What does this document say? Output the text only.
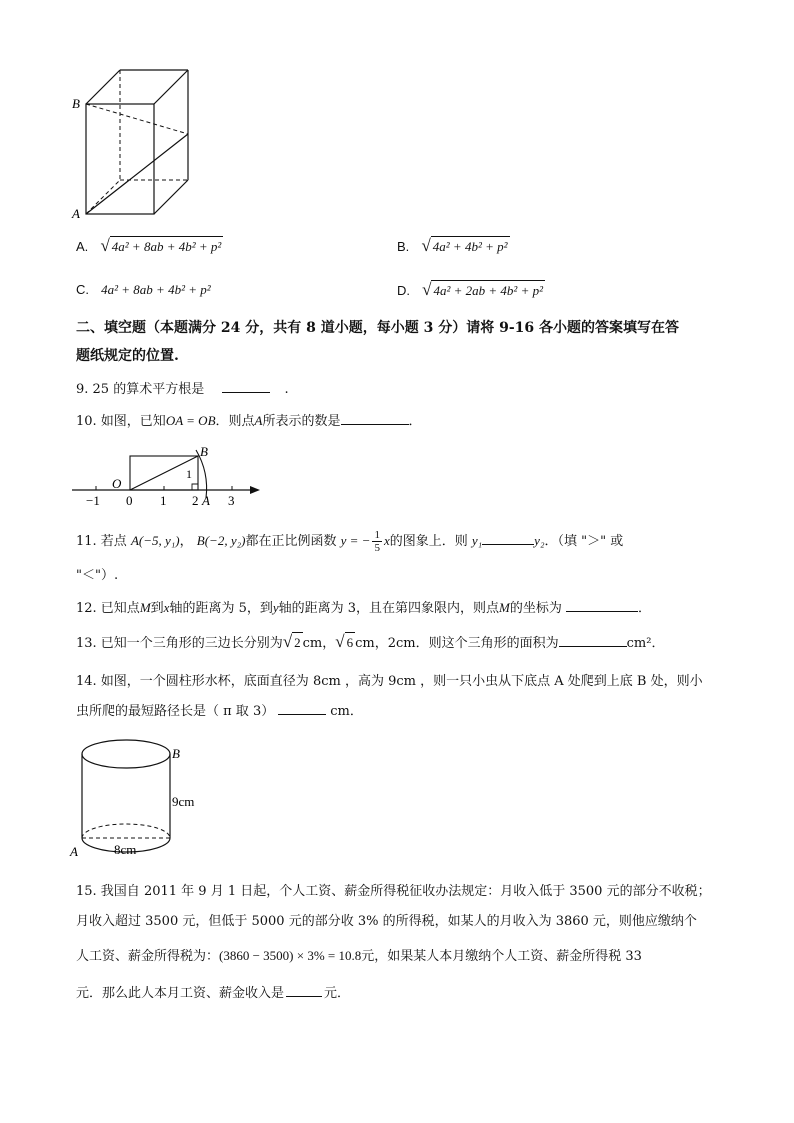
B
A
A. √ 4a² + 8ab + 4b² + p²	B. √ 4a² + 4b² + p²
C. 4a² + 8ab + 4b² + p²	D. √ 4a² + 2ab + 4b² + p²
二、填空题（本题满分 24 分，共有 8 道小题，每小题 3 分）请将 9-16 各小题的答案填写在答
题纸规定的位置.
9. 25 的算术平方根是	.
10. 如图，已知OA = OB．则点A所表示的数是	．
−1 0 1 2 3
O
B
A
1
11. 若点 A(−5, y₁)， B(−2, y₂)都在正比例函数 y = − $\frac{1}{5}$ x的图象上．则 y₁	y₂．（填 "＞" 或
"＜"）.
12. 已知点M到x轴的距离为 5，到y轴的距离为 3，且在第四象限内，则点M的坐标为	．
13. 已知一个三角形的三边长分别为 √ 2 cm， √ 6 cm，2cm．则这个三角形的面积为	cm²．
14. 如图，一个圆柱形水杯，底面直径为 8cm ，高为 9cm ，则一只小虫从下底点 A 处爬到上底 B 处，则小
虫所爬的最短路径长是（ π 取 3）	cm．
B
A
9cm
8cm
15. 我国自 2011 年 9 月 1 日起，个人工资、薪金所得税征收办法规定：月收入低于 3500 元的部分不收税；
月收入超过 3500 元，但低于 5000 元的部分收 3% 的所得税，如某人的月收入为 3860 元，则他应缴纳个
人工资、薪金所得税为：(3860 − 3500) × 3% = 10.8元，如果某人本月缴纳个人工资、薪金所得税 33
元．那么此人本月工资、薪金收入是	元．
